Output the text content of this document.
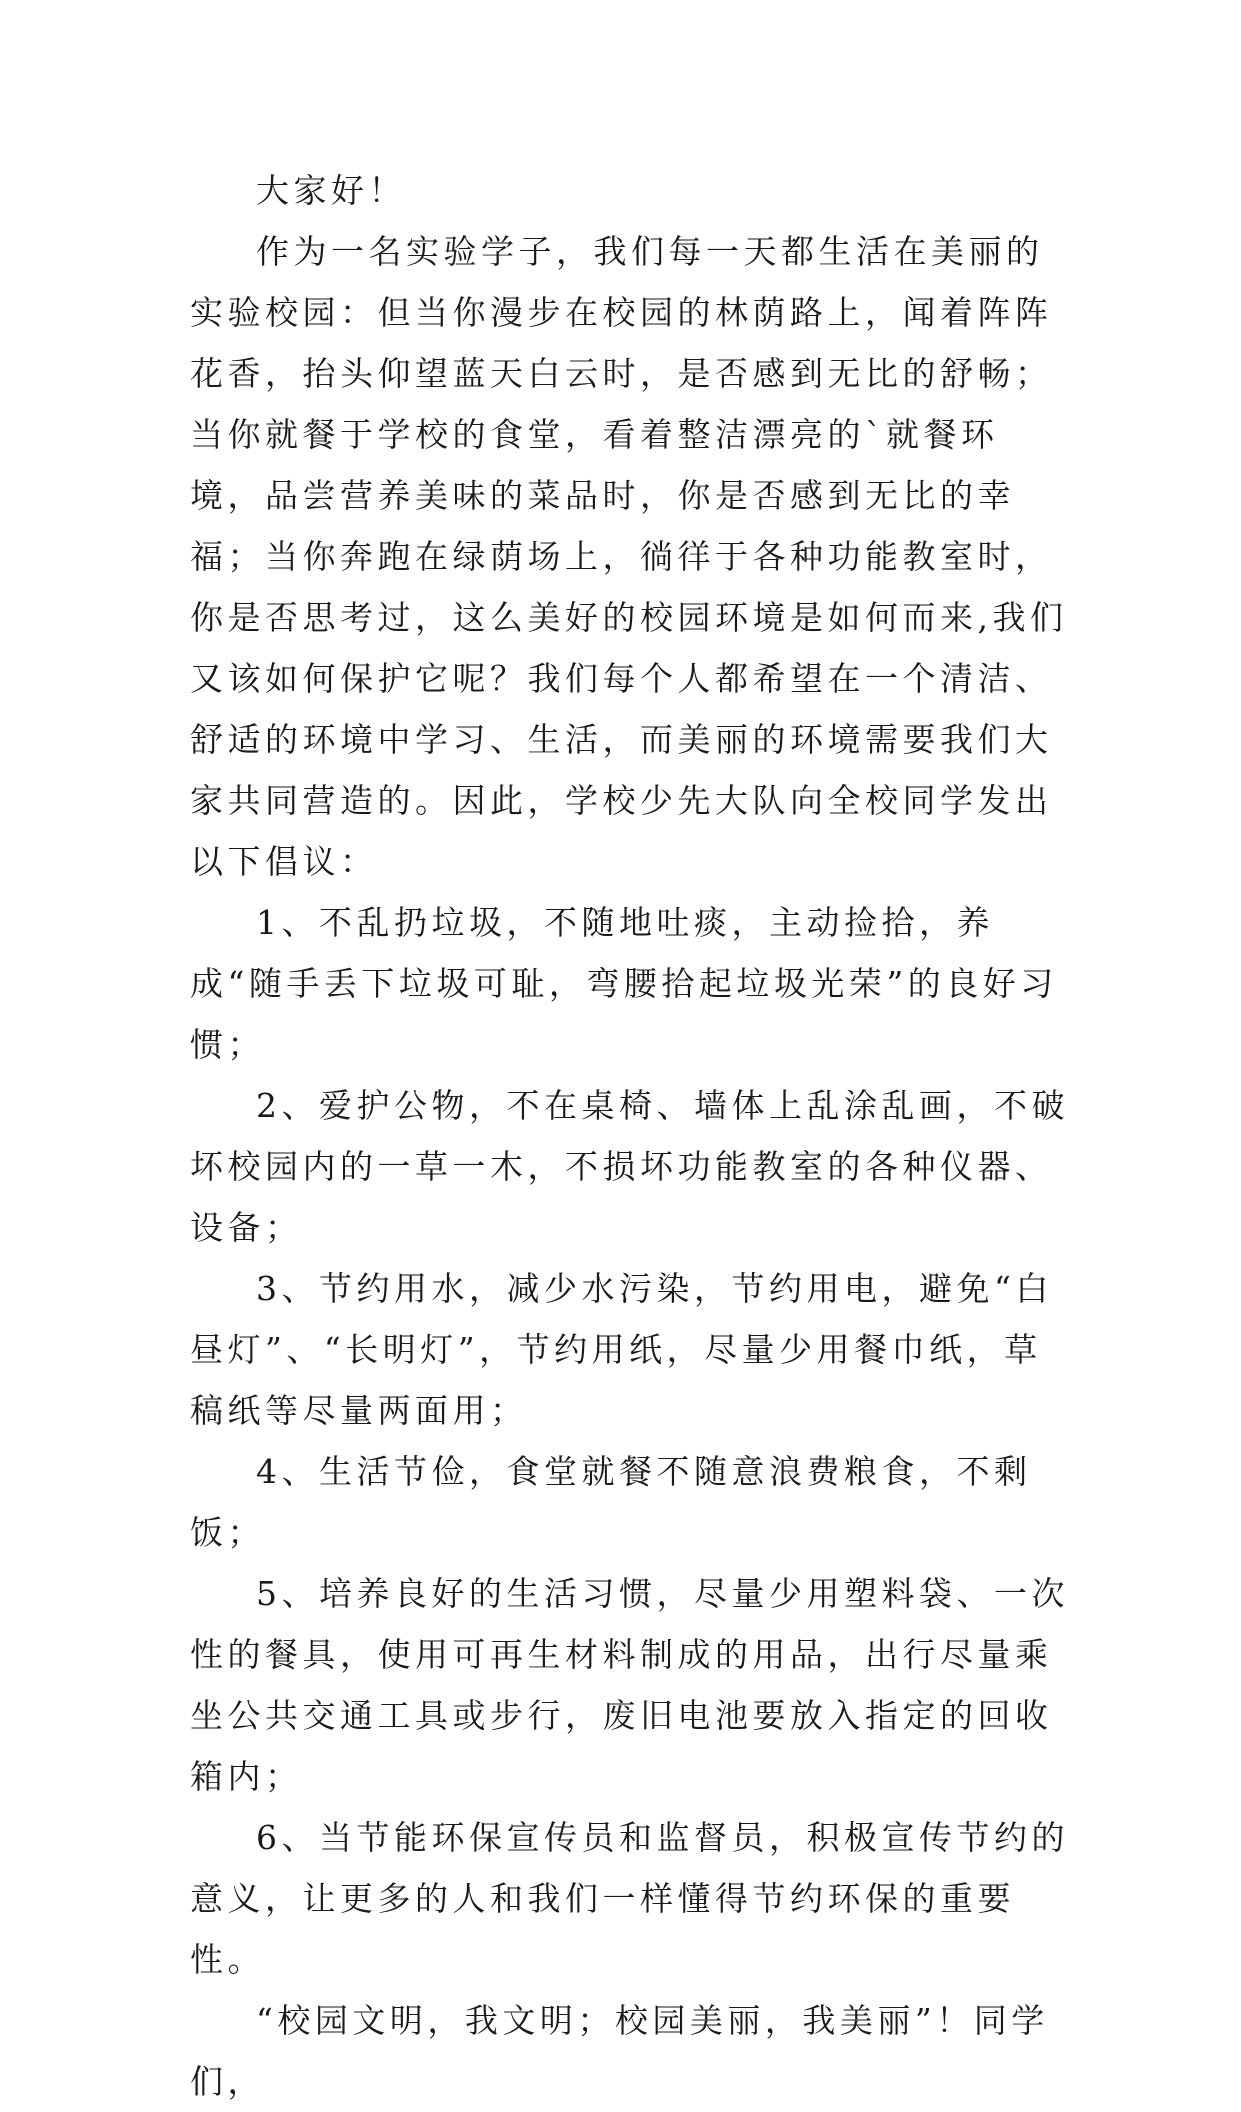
大家好！

作为一名实验学子，我们每一天都生活在美丽的实验校园：但当你漫步在校园的林荫路上，闻着阵阵花香，抬头仰望蓝天白云时，是否感到无比的舒畅；当你就餐于学校的食堂，看着整洁漂亮的`就餐环境，品尝营养美味的菜品时，你是否感到无比的幸福；当你奔跑在绿荫场上，徜徉于各种功能教室时，你是否思考过，这么美好的校园环境是如何而来,我们又该如何保护它呢？我们每个人都希望在一个清洁、舒适的环境中学习、生活，而美丽的环境需要我们大家共同营造的。因此，学校少先大队向全校同学发出以下倡议：

1、不乱扔垃圾，不随地吐痰，主动捡拾，养成“随手丢下垃圾可耻，弯腰拾起垃圾光荣”的良好习惯；

2、爱护公物，不在桌椅、墙体上乱涂乱画，不破坏校园内的一草一木，不损坏功能教室的各种仪器、设备；

3、节约用水，减少水污染，节约用电，避免“白昼灯”、“长明灯”，节约用纸，尽量少用餐巾纸，草稿纸等尽量两面用；

4、生活节俭，食堂就餐不随意浪费粮食，不剩饭；

5、培养良好的生活习惯，尽量少用塑料袋、一次性的餐具，使用可再生材料制成的用品，出行尽量乘坐公共交通工具或步行，废旧电池要放入指定的回收箱内；

6、当节能环保宣传员和监督员，积极宣传节约的意义，让更多的人和我们一样懂得节约环保的重要性。

“校园文明，我文明；校园美丽，我美丽”！同学们，
